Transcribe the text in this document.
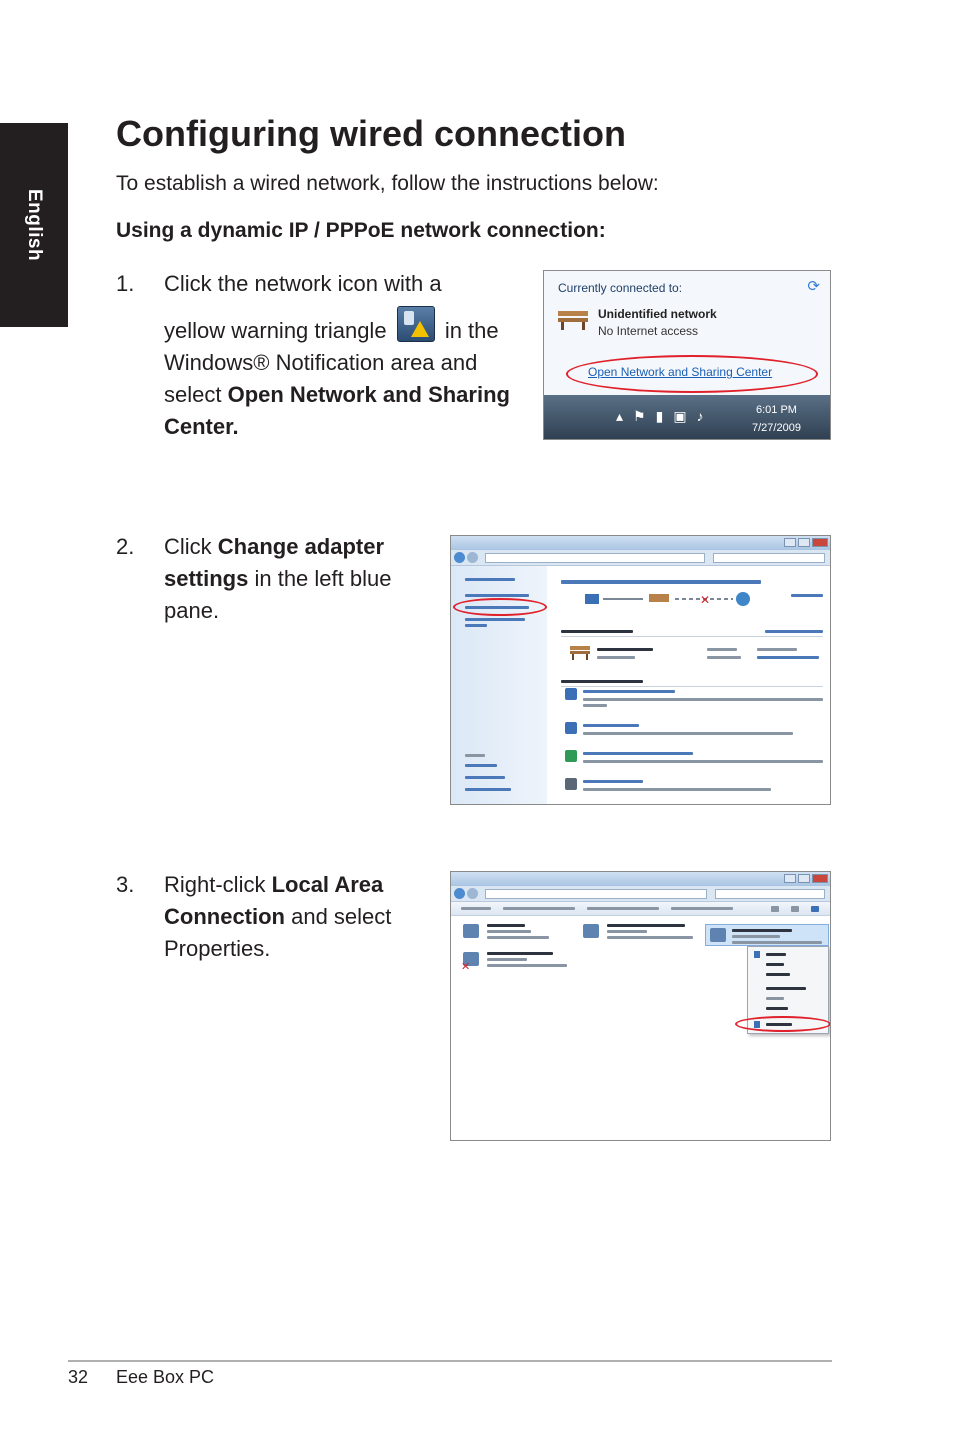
English
Configuring wired connection

To establish a wired network, follow the instructions below:

Using a dynamic IP / PPPoE network connection:

1. Click the network icon with a
yellow warning triangle	in the
Windows® Notification area and
select Open Network and Sharing
Center.
Currently connected to:	⟳
Unidentified network
No Internet access
Open Network and Sharing Center
▴ ⚑ ▮ ▣ ♪	6:01 PM
7/27/2009
2. Click Change adapter
settings in the left blue
pane.	✕
3. Right-click Local Area
Connection and select
Properties.
✕
32 Eee Box PC
